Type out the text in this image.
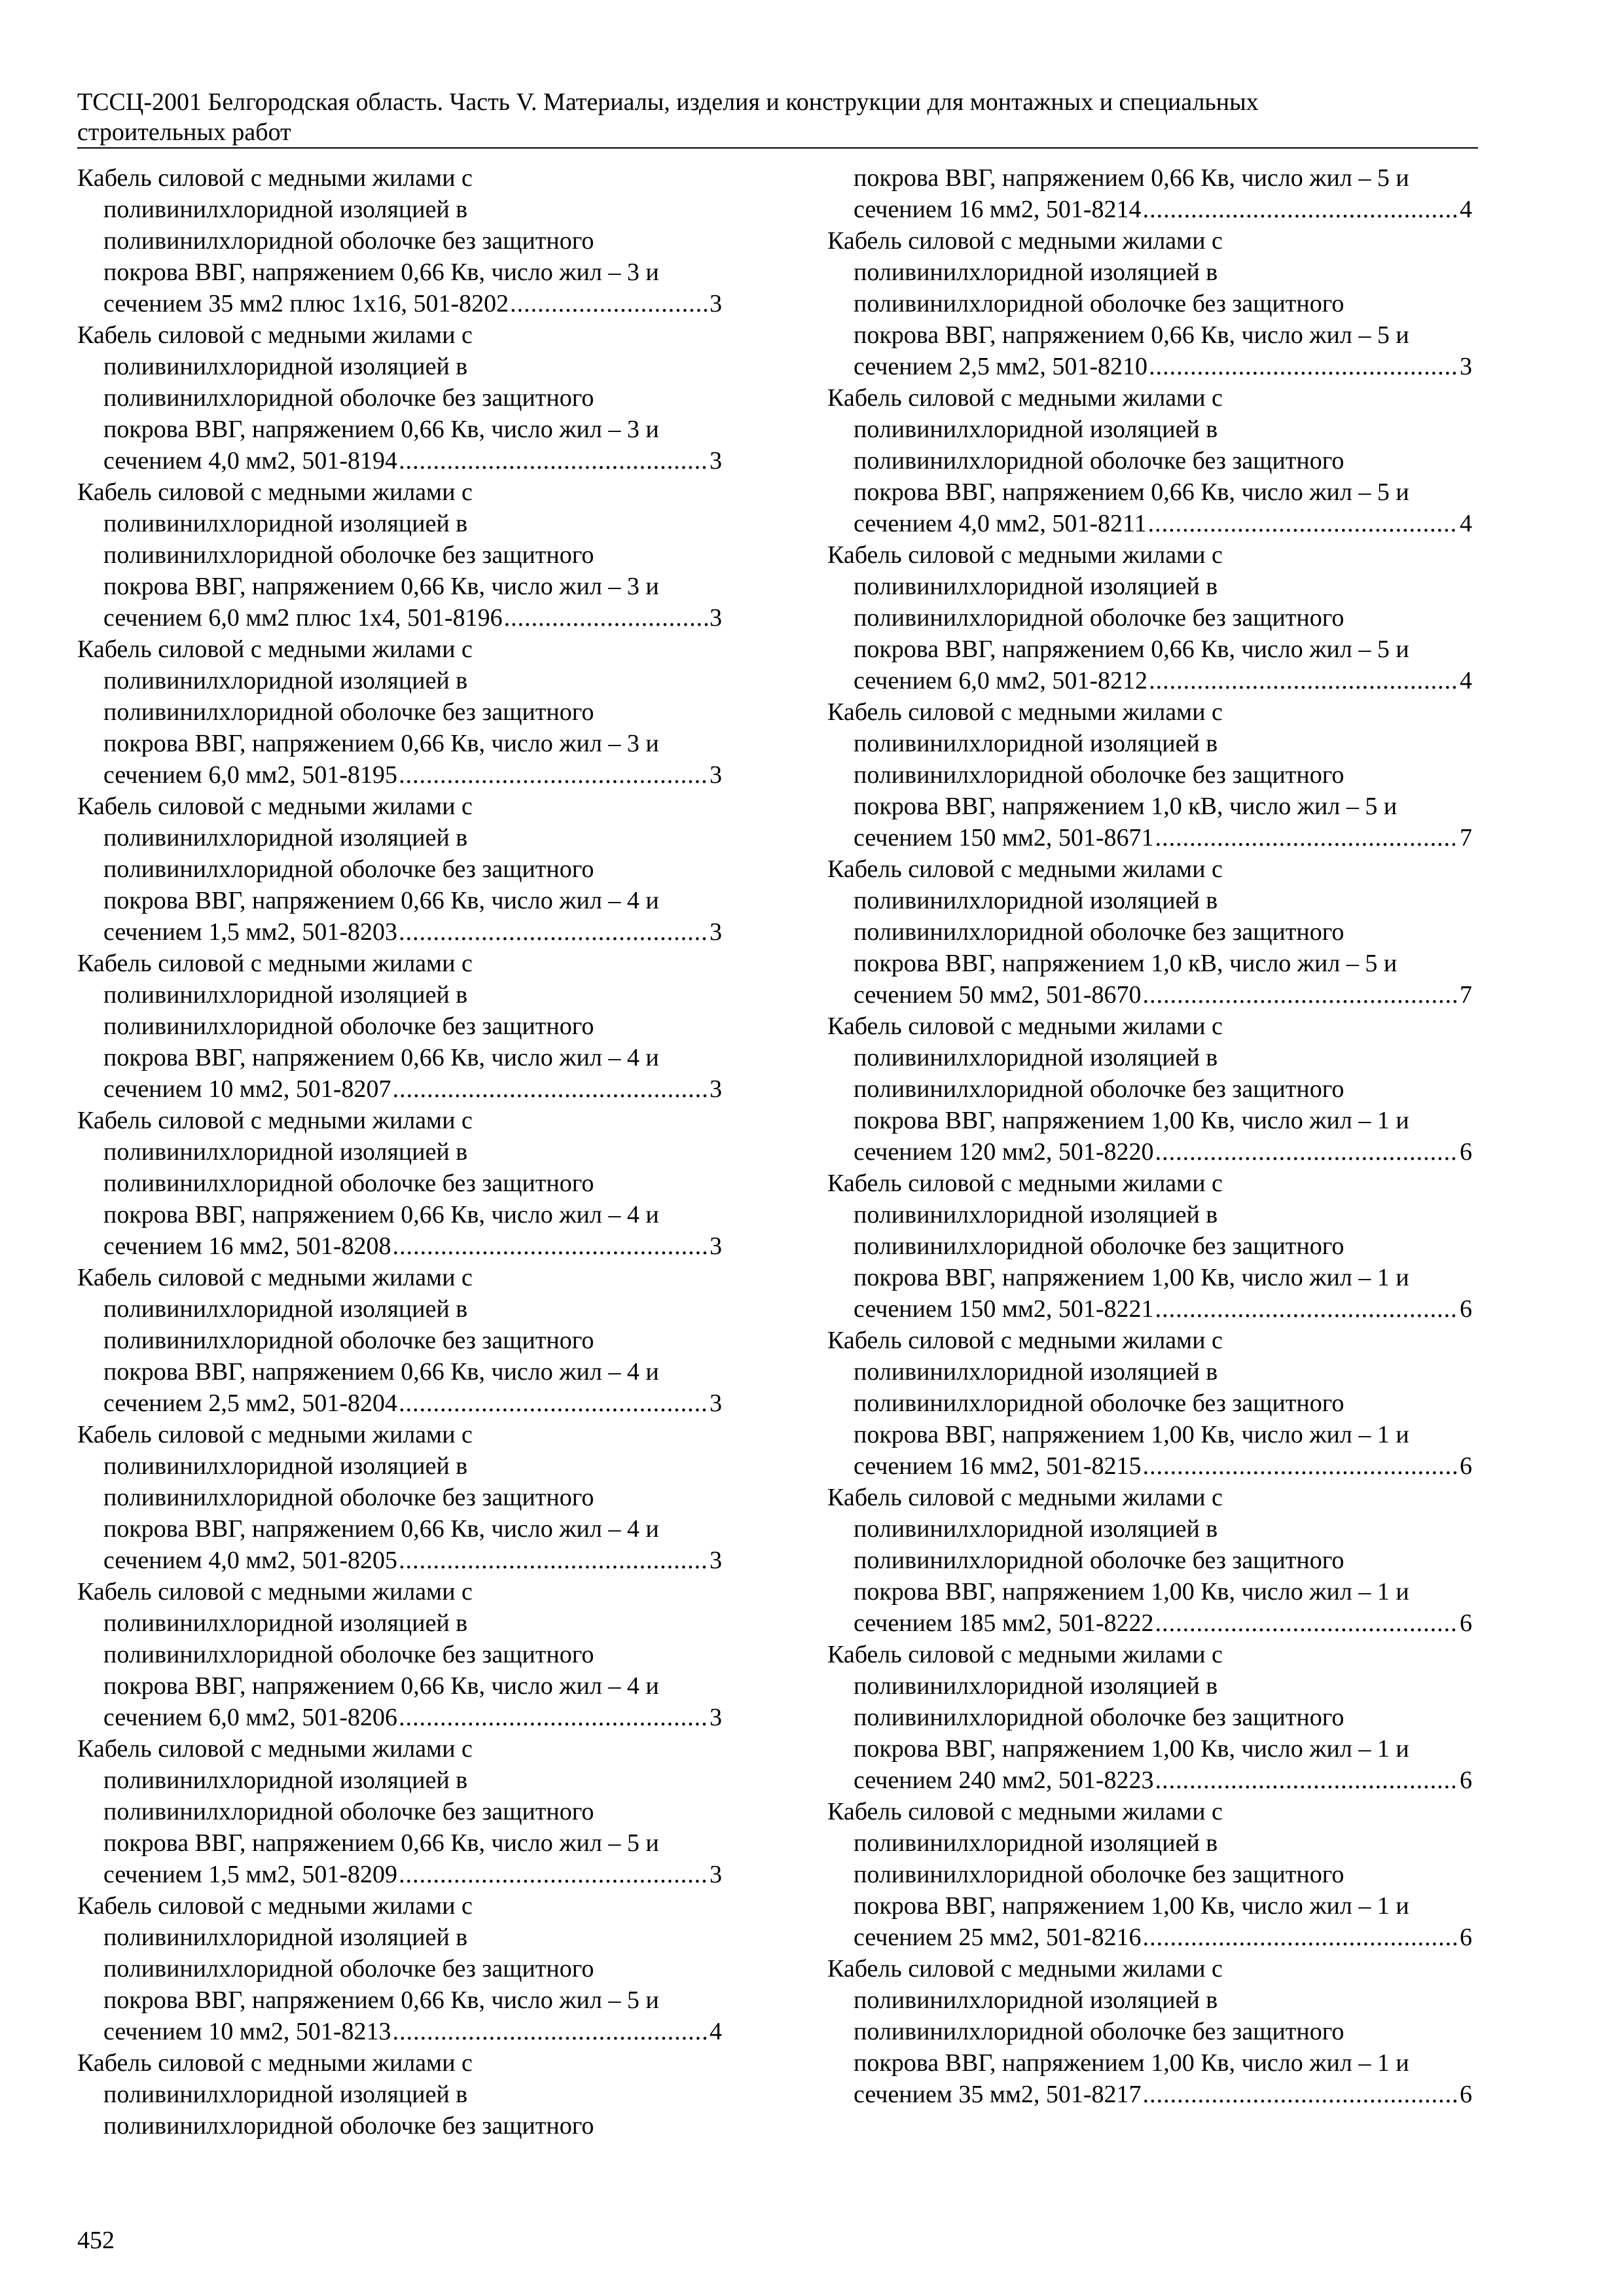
ТССЦ-2001 Белгородская область. Часть V. Материалы, изделия и конструкции для монтажных и специальных
строительных работ
Кабель силовой с медными жилами с
поливинилхлоридной изоляцией в
поливинилхлоридной оболочке без защитного
покрова ВВГ, напряжением 0,66 Кв, число жил – 3 и
сечением 35 мм2 плюс 1х16, 501-8202 .....	3
Кабель силовой с медными жилами с
поливинилхлоридной изоляцией в
поливинилхлоридной оболочке без защитного
покрова ВВГ, напряжением 0,66 Кв, число жил – 3 и
сечением 4,0 мм2, 501-8194 .....	3
Кабель силовой с медными жилами с
поливинилхлоридной изоляцией в
поливинилхлоридной оболочке без защитного
покрова ВВГ, напряжением 0,66 Кв, число жил – 3 и
сечением 6,0 мм2 плюс 1х4, 501-8196 .....	3
Кабель силовой с медными жилами с
поливинилхлоридной изоляцией в
поливинилхлоридной оболочке без защитного
покрова ВВГ, напряжением 0,66 Кв, число жил – 3 и
сечением 6,0 мм2, 501-8195 .....	3
Кабель силовой с медными жилами с
поливинилхлоридной изоляцией в
поливинилхлоридной оболочке без защитного
покрова ВВГ, напряжением 0,66 Кв, число жил – 4 и
сечением 1,5 мм2, 501-8203 .....	3
Кабель силовой с медными жилами с
поливинилхлоридной изоляцией в
поливинилхлоридной оболочке без защитного
покрова ВВГ, напряжением 0,66 Кв, число жил – 4 и
сечением 10 мм2, 501-8207 .....	3
Кабель силовой с медными жилами с
поливинилхлоридной изоляцией в
поливинилхлоридной оболочке без защитного
покрова ВВГ, напряжением 0,66 Кв, число жил – 4 и
сечением 16 мм2, 501-8208 .....	3
Кабель силовой с медными жилами с
поливинилхлоридной изоляцией в
поливинилхлоридной оболочке без защитного
покрова ВВГ, напряжением 0,66 Кв, число жил – 4 и
сечением 2,5 мм2, 501-8204 .....	3
Кабель силовой с медными жилами с
поливинилхлоридной изоляцией в
поливинилхлоридной оболочке без защитного
покрова ВВГ, напряжением 0,66 Кв, число жил – 4 и
сечением 4,0 мм2, 501-8205 .....	3
Кабель силовой с медными жилами с
поливинилхлоридной изоляцией в
поливинилхлоридной оболочке без защитного
покрова ВВГ, напряжением 0,66 Кв, число жил – 4 и
сечением 6,0 мм2, 501-8206 .....	3
Кабель силовой с медными жилами с
поливинилхлоридной изоляцией в
поливинилхлоридной оболочке без защитного
покрова ВВГ, напряжением 0,66 Кв, число жил – 5 и
сечением 1,5 мм2, 501-8209 .....	3
Кабель силовой с медными жилами с
поливинилхлоридной изоляцией в
поливинилхлоридной оболочке без защитного
покрова ВВГ, напряжением 0,66 Кв, число жил – 5 и
сечением 10 мм2, 501-8213 .....	4
Кабель силовой с медными жилами с
поливинилхлоридной изоляцией в
поливинилхлоридной оболочке без защитного
покрова ВВГ, напряжением 0,66 Кв, число жил – 5 и
сечением 16 мм2, 501-8214 .....	4
Кабель силовой с медными жилами с
поливинилхлоридной изоляцией в
поливинилхлоридной оболочке без защитного
покрова ВВГ, напряжением 0,66 Кв, число жил – 5 и
сечением 2,5 мм2, 501-8210 .....	3
Кабель силовой с медными жилами с
поливинилхлоридной изоляцией в
поливинилхлоридной оболочке без защитного
покрова ВВГ, напряжением 0,66 Кв, число жил – 5 и
сечением 4,0 мм2, 501-8211 .....	4
Кабель силовой с медными жилами с
поливинилхлоридной изоляцией в
поливинилхлоридной оболочке без защитного
покрова ВВГ, напряжением 0,66 Кв, число жил – 5 и
сечением 6,0 мм2, 501-8212 .....	4
Кабель силовой с медными жилами с
поливинилхлоридной изоляцией в
поливинилхлоридной оболочке без защитного
покрова ВВГ, напряжением 1,0 кВ, число жил – 5 и
сечением 150 мм2, 501-8671 .....	7
Кабель силовой с медными жилами с
поливинилхлоридной изоляцией в
поливинилхлоридной оболочке без защитного
покрова ВВГ, напряжением 1,0 кВ, число жил – 5 и
сечением 50 мм2, 501-8670 .....	7
Кабель силовой с медными жилами с
поливинилхлоридной изоляцией в
поливинилхлоридной оболочке без защитного
покрова ВВГ, напряжением 1,00 Кв, число жил – 1 и
сечением 120 мм2, 501-8220 .....	6
Кабель силовой с медными жилами с
поливинилхлоридной изоляцией в
поливинилхлоридной оболочке без защитного
покрова ВВГ, напряжением 1,00 Кв, число жил – 1 и
сечением 150 мм2, 501-8221 .....	6
Кабель силовой с медными жилами с
поливинилхлоридной изоляцией в
поливинилхлоридной оболочке без защитного
покрова ВВГ, напряжением 1,00 Кв, число жил – 1 и
сечением 16 мм2, 501-8215 .....	6
Кабель силовой с медными жилами с
поливинилхлоридной изоляцией в
поливинилхлоридной оболочке без защитного
покрова ВВГ, напряжением 1,00 Кв, число жил – 1 и
сечением 185 мм2, 501-8222 .....	6
Кабель силовой с медными жилами с
поливинилхлоридной изоляцией в
поливинилхлоридной оболочке без защитного
покрова ВВГ, напряжением 1,00 Кв, число жил – 1 и
сечением 240 мм2, 501-8223 .....	6
Кабель силовой с медными жилами с
поливинилхлоридной изоляцией в
поливинилхлоридной оболочке без защитного
покрова ВВГ, напряжением 1,00 Кв, число жил – 1 и
сечением 25 мм2, 501-8216 .....	6
Кабель силовой с медными жилами с
поливинилхлоридной изоляцией в
поливинилхлоридной оболочке без защитного
покрова ВВГ, напряжением 1,00 Кв, число жил – 1 и
сечением 35 мм2, 501-8217 .....	6
452
